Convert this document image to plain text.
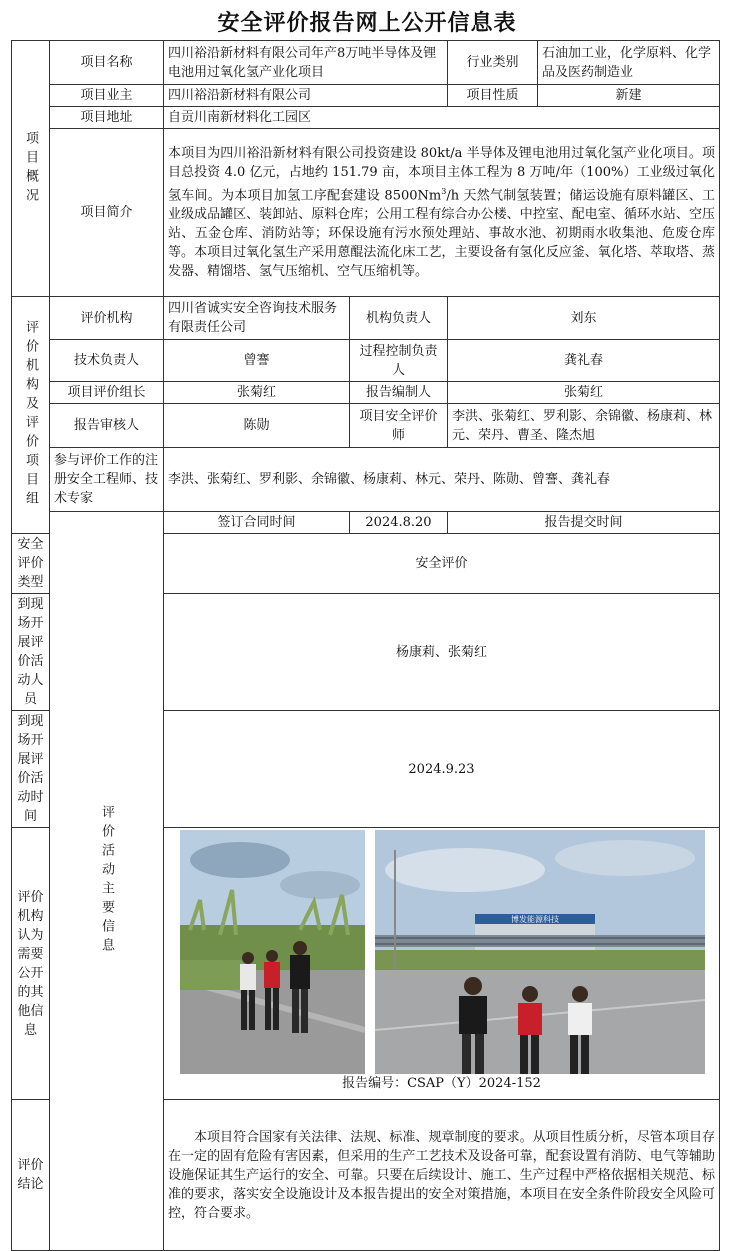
安全评价报告网上公开信息表
项目概况	项目名称	四川裕沿新材料有限公司年产8万吨半导体及锂电池用过氧化氢产业化项目		行业类别	石油加工业，化学原料、化学品及医药制造业	
	项目业主	四川裕沿新材料有限公司		项目性质	新建	
	项目地址	自贡川南新材料化工园区				
	项目简介	本项目为四川裕沿新材料有限公司投资建设 80kt/a 半导体及锂电池用过氧化氢产业化项目。项目总投资 4.0 亿元，占地约 151.79 亩，本项目主体工程为 8 万吨/年（100%）工业级过氧化氢车间。为本项目加氢工序配套建设 8500Nm$^3$/h 天然气制氢装置；储运设施有原料罐区、工业级成品罐区、装卸站、原料仓库；公用工程有综合办公楼、中控室、配电室、循环水站、空压站、五金仓库、消防站等；环保设施有污水预处理站、事故水池、初期雨水收集池、危废仓库等。本项目过氧化氢生产采用蒽醌法流化床工艺，主要设备有氢化反应釜、氧化塔、萃取塔、蒸发器、精馏塔、氢气压缩机、空气压缩机等。				
评价机构及评价项目组	评价机构	四川省诚实安全咨询技术服务有限责任公司	机构负责人	刘东		
	技术负责人	曾謇	过程控制负责人	龚礼春		
	项目评价组长	张菊红	报告编制人	张菊红		
	报告审核人	陈勋	项目安全评价师	李洪、张菊红、罗利影、余锦徽、杨康莉、林元、荣丹、曹圣、隆杰旭		
	参与评价工作的注册安全工程师、技术专家	李洪、张菊红、罗利影、余锦徽、杨康莉、林元、荣丹、陈勋、曾謇、龚礼春				
	评价活动主要信息	签订合同时间	2024.8.20	报告提交时间	
安全评价类型		安全评价				
到现场开展评价活动人员		杨康莉、张菊红				
到现场开展评价活动时间		2024.9.23				
评价机构认为需要公开的其他信息		博发能源科技
报告编号：CSAP（Y）2024-152				

评价结论		本项目符合国家有关法律、法规、标准、规章制度的要求。从项目性质分析，尽管本项目存在一定的固有危险有害因素，但采用的生产工艺技术及设备可靠，配套设置有消防、电气等辅助设施保证其生产运行的安全、可靠。只要在后续设计、施工、生产过程中严格依据相关规范、标准的要求，落实安全设施设计及本报告提出的安全对策措施，本项目在安全条件阶段安全风险可控，符合要求。				
